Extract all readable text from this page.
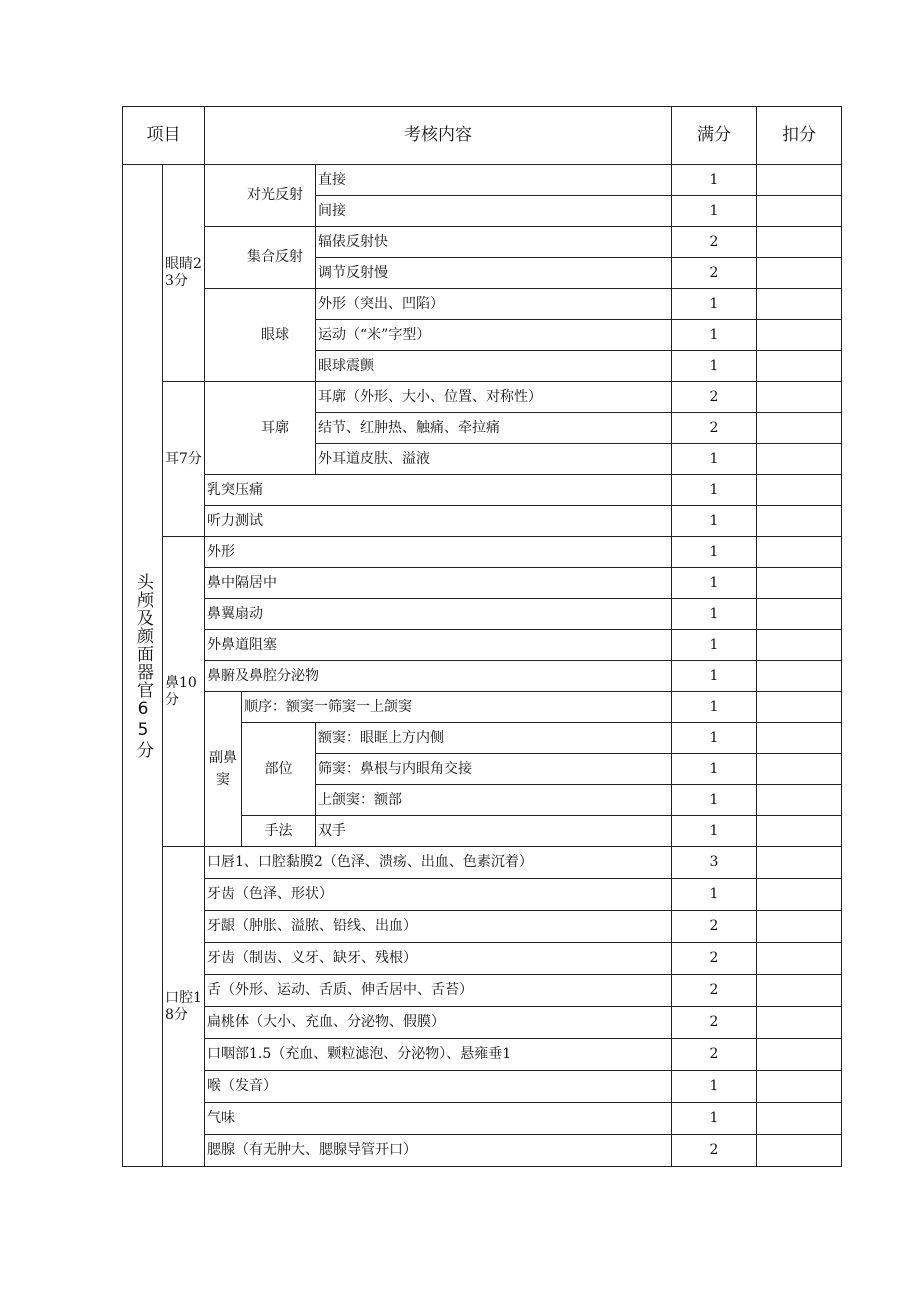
项目		考核内容			满分	扣分

头颅及颜面器官65分	眼睛23分	对光反射		直接	1	
				间接	1	
		集合反射		辐俵反射快	2	
				调节反射慢	2	
		眼球		外形（突出、凹陷）	1	
				运动（“米”字型）	1	
				眼球震颤	1	
	耳7分	耳廓		耳廓（外形、大小、位置、对称性）	2	
				结节、红肿热、触痛、牵拉痛	2	
				外耳道皮肤、溢液	1	
		乳突压痛			1	
		听力测试			1	
	鼻10分	外形			1	
		鼻中隔居中			1	
		鼻翼扇动			1	
		外鼻道阻塞			1	
		鼻腑及鼻腔分泌物			1	
		副鼻窦	顺序：额窦一筛窦一上颌窦		1	
			部位	额窦：眼眶上方内侧	1	
				筛窦：鼻根与内眼角交接	1	
				上颌窦：额部	1	
			手法	双手	1	
	口腔18分	口唇1、口腔黏膜2（色泽、溃疡、出血、色素沉着）			3	
		牙齿（色泽、形状）			1	
		牙龈（肿胀、溢脓、铅线、出血）			2	
		牙齿（制齿、义牙、缺牙、残根）			2	
		舌（外形、运动、舌质、伸舌居中、舌苔）			2	
		扁桃体（大小、充血、分泌物、假膜）			2	
		口咽部1.5（充血、颗粒滤泡、分泌物）、悬雍垂1			2	
		喉（发音）			1	
		气味			1	
		腮腺（有无肿大、腮腺导管开口）			2	
